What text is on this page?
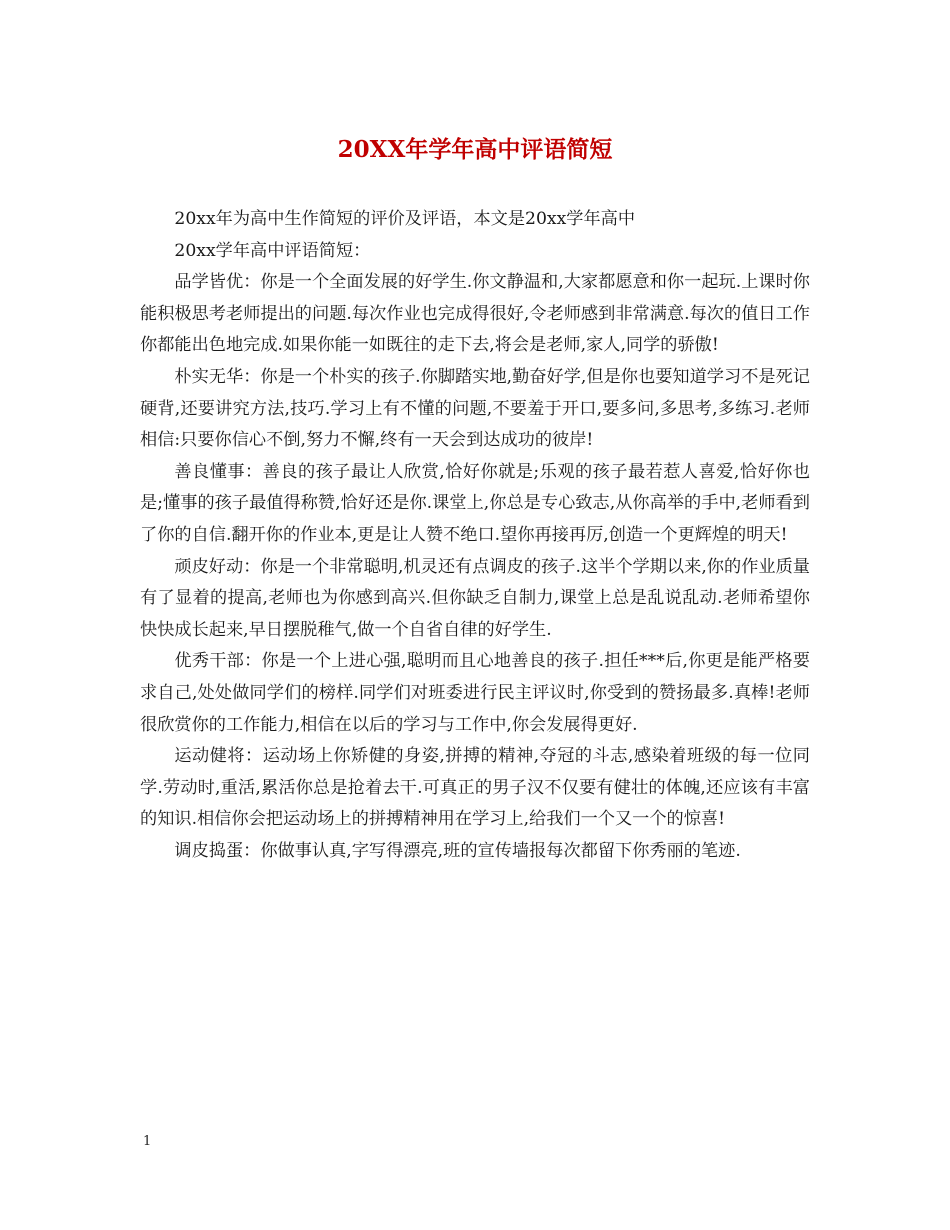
20XX年学年高中评语简短

20xx年为高中生作简短的评价及评语，本文是20xx学年高中

20xx学年高中评语简短：

品学皆优：你是一个全面发展的好学生.你文静温和,大家都愿意和你一起玩.上课时你能积极思考老师提出的问题.每次作业也完成得很好,令老师感到非常满意.每次的值日工作你都能出色地完成.如果你能一如既往的走下去,将会是老师,家人,同学的骄傲!

朴实无华：你是一个朴实的孩子.你脚踏实地,勤奋好学,但是你也要知道学习不是死记硬背,还要讲究方法,技巧.学习上有不懂的问题,不要羞于开口,要多问,多思考,多练习.老师相信:只要你信心不倒,努力不懈,终有一天会到达成功的彼岸!

善良懂事：善良的孩子最让人欣赏,恰好你就是;乐观的孩子最若惹人喜爱,恰好你也是;懂事的孩子最值得称赞,恰好还是你.课堂上,你总是专心致志,从你高举的手中,老师看到了你的自信.翻开你的作业本,更是让人赞不绝口.望你再接再厉,创造一个更辉煌的明天!

顽皮好动：你是一个非常聪明,机灵还有点调皮的孩子.这半个学期以来,你的作业质量有了显着的提高,老师也为你感到高兴.但你缺乏自制力,课堂上总是乱说乱动.老师希望你快快成长起来,早日摆脱稚气,做一个自省自律的好学生.

优秀干部：你是一个上进心强,聪明而且心地善良的孩子.担任***后,你更是能严格要求自己,处处做同学们的榜样.同学们对班委进行民主评议时,你受到的赞扬最多.真棒!老师很欣赏你的工作能力,相信在以后的学习与工作中,你会发展得更好.

运动健将：运动场上你矫健的身姿,拼搏的精神,夺冠的斗志,感染着班级的每一位同学.劳动时,重活,累活你总是抢着去干.可真正的男子汉不仅要有健壮的体魄,还应该有丰富的知识.相信你会把运动场上的拼搏精神用在学习上,给我们一个又一个的惊喜!

调皮捣蛋：你做事认真,字写得漂亮,班的宣传墙报每次都留下你秀丽的笔迹.

1
